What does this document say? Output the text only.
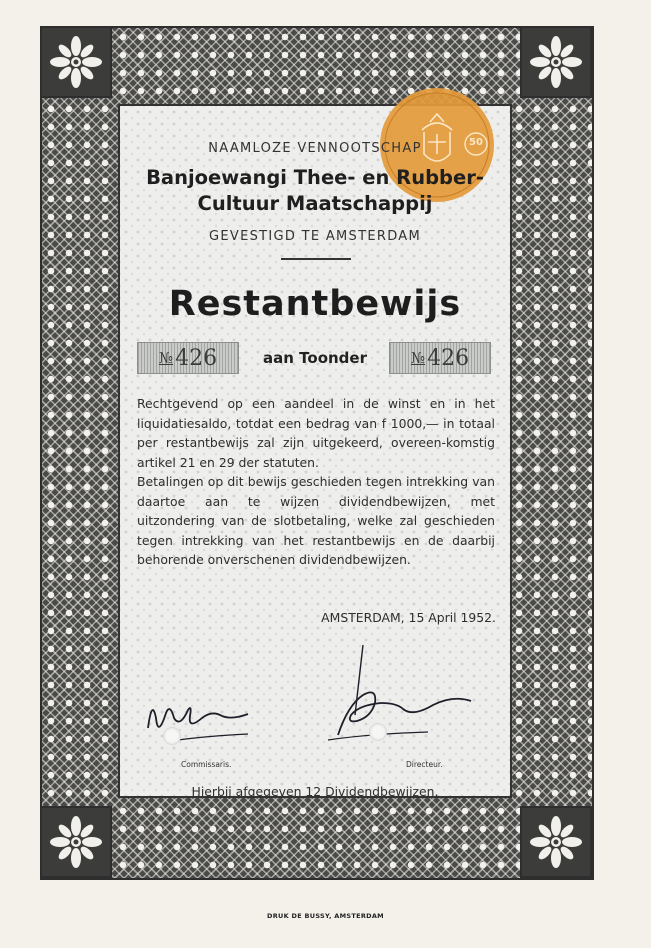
50
NAAMLOZE VENNOOTSCHAP
Banjoewangi Thee- en Rubber-
Cultuur Maatschappij
GEVESTIGD TE AMSTERDAM
Restantbewijs
№ 426	aan Toonder	№ 426

Rechtgevend op een aandeel in de winst en in het liquidatiesaldo, totdat een bedrag van f 1000,— in totaal per restantbewijs zal zijn uitgekeerd, overeen-komstig artikel 21 en 29 der statuten.

Betalingen op dit bewijs geschieden tegen intrekking van daartoe aan te wijzen dividendbewijzen, met uitzondering van de slotbetaling, welke zal geschieden tegen intrekking van het restantbewijs en de daarbij behorende onverschenen dividendbewijzen.

AMSTERDAM, 15 April 1952.
Commissaris.	Directeur.
Hierbij afgegeven 12 Dividendbewijzen.
DRUK DE BUSSY, AMSTERDAM
